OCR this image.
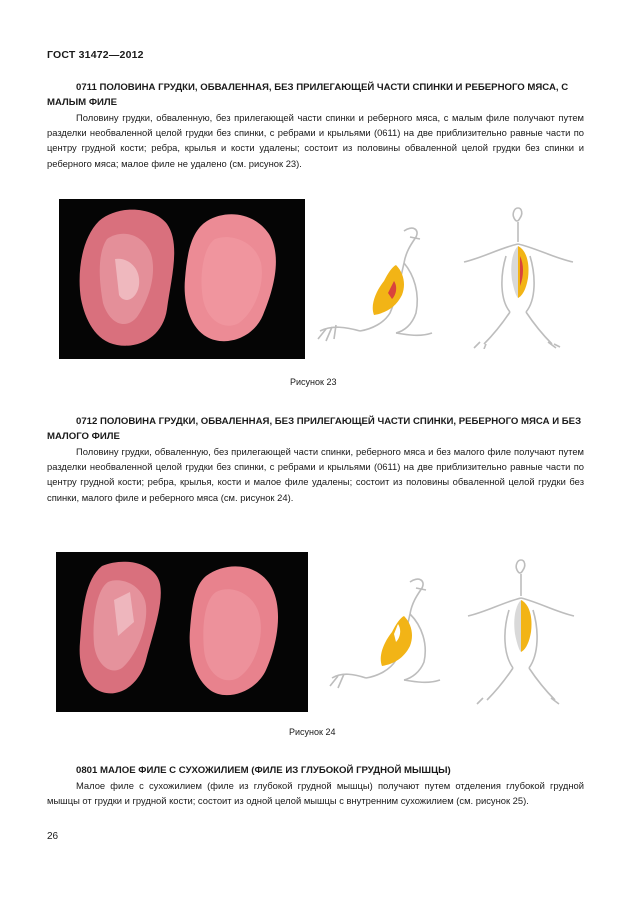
ГОСТ 31472—2012
0711 ПОЛОВИНА ГРУДКИ, ОБВАЛЕННАЯ, БЕЗ ПРИЛЕГАЮЩЕЙ ЧАСТИ СПИНКИ И РЕБЕРНОГО МЯСА, С МАЛЫМ ФИЛЕ
Половину грудки, обваленную, без прилегающей части спинки и реберного мяса, с малым филе получают путем разделки необваленной целой грудки без спинки, с ребрами и крыльями (0611) на две приблизительно равные части по центру грудной кости; ребра, крылья и кости удалены; состоит из половины обваленной целой грудки без спинки и реберного мяса; малое филе не удалено (см. рисунок 23).
Рисунок 23
0712 ПОЛОВИНА ГРУДКИ, ОБВАЛЕННАЯ, БЕЗ ПРИЛЕГАЮЩЕЙ ЧАСТИ СПИНКИ, РЕБЕРНОГО МЯСА И БЕЗ МАЛОГО ФИЛЕ
Половину грудки, обваленную, без прилегающей части спинки, реберного мяса и без малого филе получают путем разделки необваленной целой грудки без спинки, с ребрами и крыльями (0611) на две приблизительно равные части по центру грудной кости; ребра, крылья, кости и малое филе удалены; состоит из половины обваленной целой грудки без спинки, малого филе и реберного мяса (см. рисунок 24).
Рисунок 24
0801 МАЛОЕ ФИЛЕ С СУХОЖИЛИЕМ (ФИЛЕ ИЗ ГЛУБОКОЙ ГРУДНОЙ МЫШЦЫ)
Малое филе с сухожилием (филе из глубокой грудной мышцы) получают путем отделения глубокой грудной мышцы от грудки и грудной кости; состоит из одной целой мышцы с внутренним сухожилием (см. рисунок 25).
26
